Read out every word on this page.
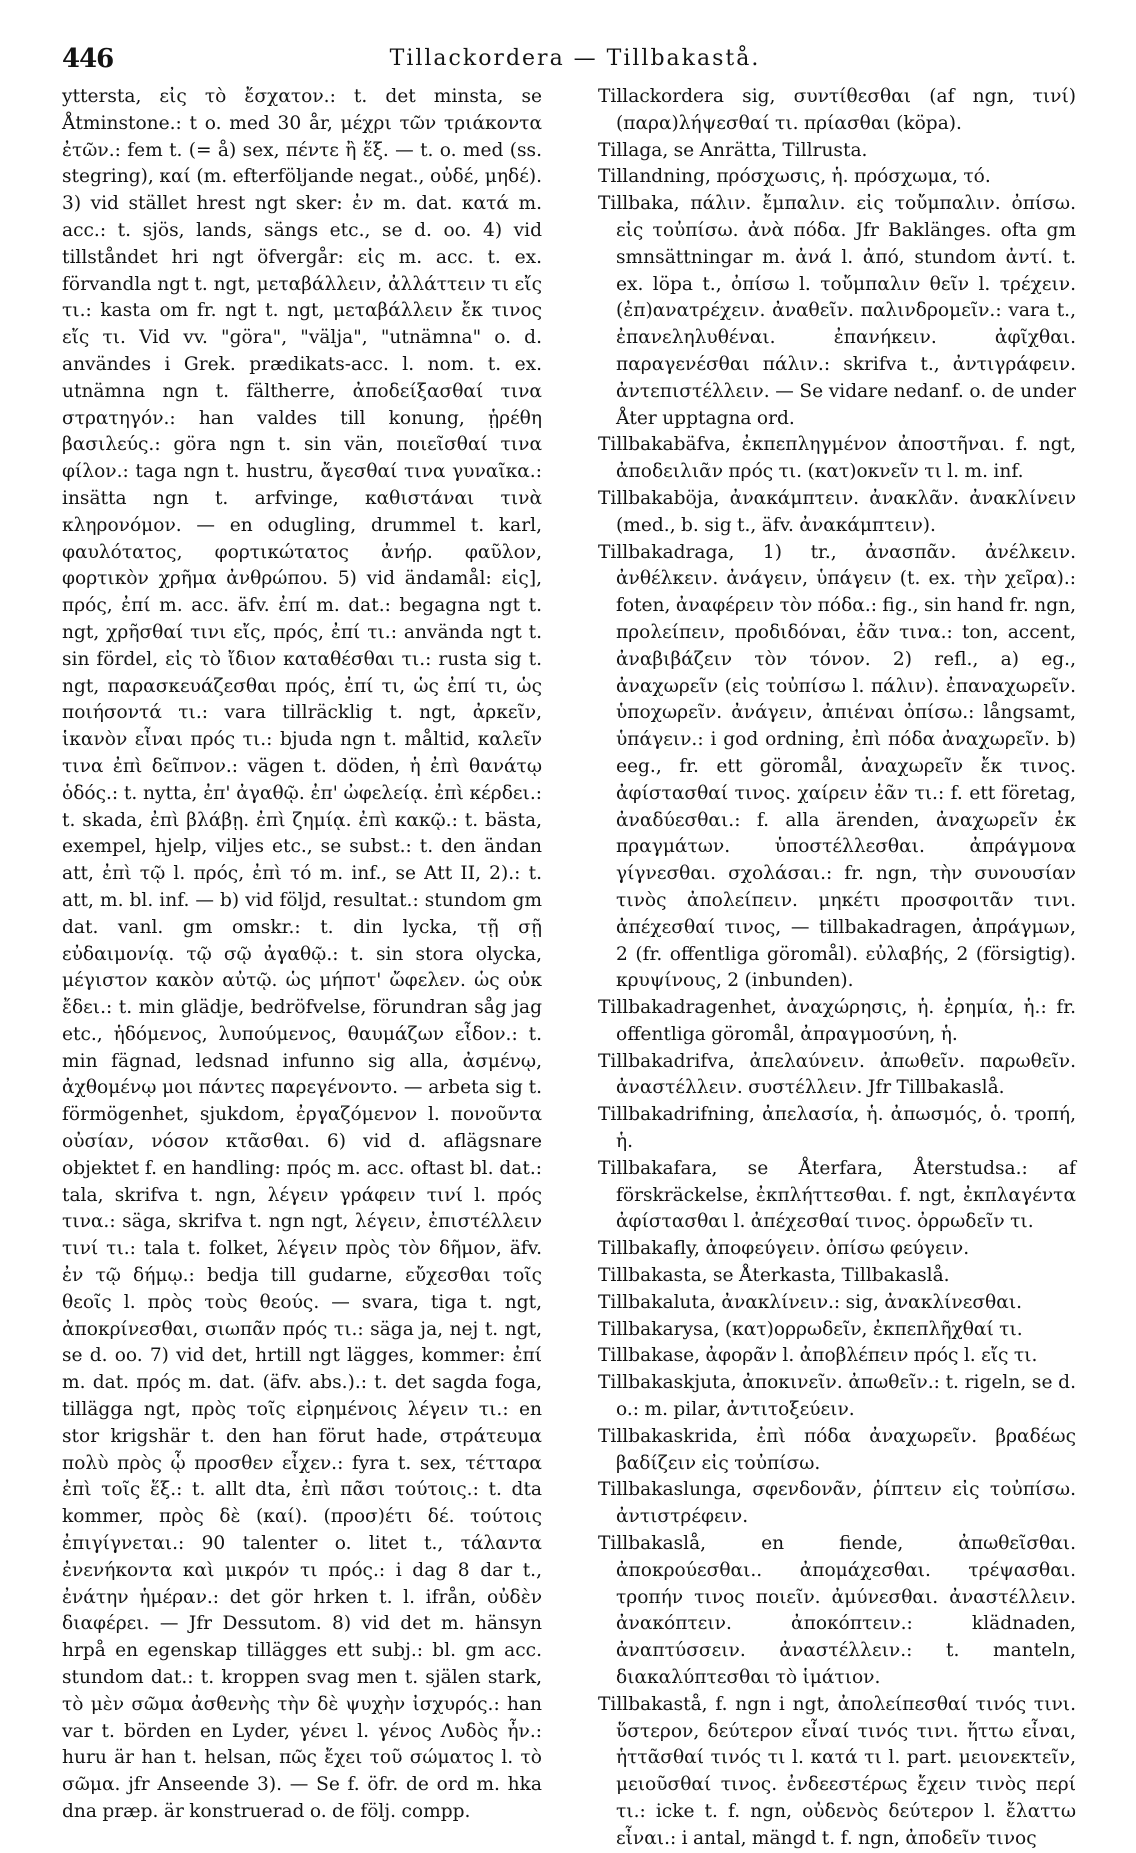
446	Tillackordera — Tillbakastå.

yttersta, εἰς τὸ ἔσχατον.: t. det minsta, se Åtminstone.: t o. med 30 år, μέχρι τῶν τριάκοντα ἐτῶν.: fem t. (= å) sex, πέντε ἢ ἕξ. — t. o. med (ss. stegring), καί (m. efterföljande negat., οὐδέ, μηδέ). 3) vid stället hrest ngt sker: ἐν m. dat. κατά m. acc.: t. sjös, lands, sängs etc., se d. oo. 4) vid tillståndet hri ngt öfvergår: εἰς m. acc. t. ex. förvandla ngt t. ngt, μεταβάλλειν, ἀλλάττειν τι εἴς τι.: kasta om fr. ngt t. ngt, μεταβάλλειν ἔκ τινος εἴς τι. Vid vv. "göra", "välja", "utnämna" o. d. användes i Grek. prædikats-acc. l. nom. t. ex. utnämna ngn t. fältherre, ἀποδείξασθαί τινα στρατηγόν.: han valdes till konung, ᾑρέθη βασιλεύς.: göra ngn t. sin vän, ποιεῖσθαί τινα φίλον.: taga ngn t. hustru, ἄγεσθαί τινα γυναῖκα.: insätta ngn t. arfvinge, καθιστάναι τινὰ κληρονόμον. — en odugling, drummel t. karl, φαυλότατος, φορτικώτατος ἀνήρ. φαῦλον, φορτικὸν χρῆμα ἀνθρώπου. 5) vid ändamål: εἰς], πρός, ἐπί m. acc. äfv. ἐπί m. dat.: begagna ngt t. ngt, χρῆσθαί τινι εἴς, πρός, ἐπί τι.: använda ngt t. sin fördel, εἰς τὸ ἴδιον καταθέσθαι τι.: rusta sig t. ngt, παρασκευάζεσθαι πρός, ἐπί τι, ὡς ἐπί τι, ὡς ποιήσοντά τι.: vara tillräcklig t. ngt, ἀρκεῖν, ἱκανὸν εἶναι πρός τι.: bjuda ngn t. måltid, καλεῖν τινα ἐπὶ δεῖπνον.: vägen t. döden, ἡ ἐπὶ θανάτῳ ὁδός.: t. nytta, ἐπ' ἀγαθῷ. ἐπ' ὠφελείᾳ. ἐπὶ κέρδει.: t. skada, ἐπὶ βλάβῃ. ἐπὶ ζημίᾳ. ἐπὶ κακῷ.: t. bästa, exempel, hjelp, viljes etc., se subst.: t. den ändan att, ἐπὶ τῷ l. πρός, ἐπὶ τό m. inf., se Att II, 2).: t. att, m. bl. inf. — b) vid följd, resultat.: stundom gm dat. vanl. gm omskr.: t. din lycka, τῇ σῇ εὐδαιμονίᾳ. τῷ σῷ ἀγαθῷ.: t. sin stora olycka, μέγιστον κακὸν αὐτῷ. ὡς μήποτ' ὤφελεν. ὡς οὐκ ἔδει.: t. min glädje, bedröfvelse, förundran såg jag etc., ἡδόμενος, λυπούμενος, θαυμάζων εἶδον.: t. min fägnad, ledsnad infunno sig alla, ἀσμένῳ, ἀχθομένῳ μοι πάντες παρεγένοντο. — arbeta sig t. förmögenhet, sjukdom, ἐργαζόμενον l. πονοῦντα οὐσίαν, νόσον κτᾶσθαι. 6) vid d. aflägsnare objektet f. en handling: πρός m. acc. oftast bl. dat.: tala, skrifva t. ngn, λέγειν γράφειν τινί l. πρός τινα.: säga, skrifva t. ngn ngt, λέγειν, ἐπιστέλλειν τινί τι.: tala t. folket, λέγειν πρὸς τὸν δῆμον, äfv. ἐν τῷ δήμῳ.: bedja till gudarne, εὔχεσθαι τοῖς θεοῖς l. πρὸς τοὺς θεούς. — svara, tiga t. ngt, ἀποκρίνεσθαι, σιωπᾶν πρός τι.: säga ja, nej t. ngt, se d. oo. 7) vid det, hrtill ngt lägges, kommer: ἐπί m. dat. πρός m. dat. (äfv. abs.).: t. det sagda foga, tillägga ngt, πρὸς τοῖς εἰρημένοις λέγειν τι.: en stor krigshär t. den han förut hade, στράτευμα πολὺ πρὸς ᾧ προσθεν εἶχεν.: fyra t. sex, τέτταρα ἐπὶ τοῖς ἕξ.: t. allt dta, ἐπὶ πᾶσι τούτοις.: t. dta kommer, πρὸς δὲ (καί). (προσ)έτι δέ. τούτοις ἐπιγίγνεται.: 90 talenter o. litet t., τάλαντα ἐνενήκοντα καὶ μικρόν τι πρός.: i dag 8 dar t., ἐνάτην ἡμέραν.: det gör hrken t. l. ifrån, οὐδὲν διαφέρει. — Jfr Dessutom. 8) vid det m. hänsyn hrpå en egenskap tillägges ett subj.: bl. gm acc. stundom dat.: t. kroppen svag men t. själen stark, τὸ μὲν σῶμα ἀσθενὴς τὴν δὲ ψυχὴν ἰσχυρός.: han var t. börden en Lyder, γένει l. γένος Λυδὸς ἦν.: huru är han t. helsan, πῶς ἔχει τοῦ σώματος l. τὸ σῶμα. jfr Anseende 3). — Se f. öfr. de ord m. hka dna præp. är konstruerad o. de följ. compp.

Tillackordera sig, συντίθεσθαι (af ngn, τινί) (παρα)λήψεσθαί τι. πρίασθαι (köpa).

Tillaga, se Anrätta, Tillrusta.

Tillandning, πρόσχωσις, ἡ. πρόσχωμα, τό.

Tillbaka, πάλιν. ἔμπαλιν. εἰς τοὔμπαλιν. ὀπίσω. εἰς τοὐπίσω. ἀνὰ πόδα. Jfr Baklänges. ofta gm smnsättningar m. ἀνά l. ἀπό, stundom ἀντί. t. ex. löpa t., ὀπίσω l. τοὔμπαλιν θεῖν l. τρέχειν. (ἐπ)ανατρέχειν. ἀναθεῖν. παλινδρομεῖν.: vara t., ἐπανεληλυθέναι. ἐπανήκειν. ἀφῖχθαι. παραγενέσθαι πάλιν.: skrifva t., ἀντιγράφειν. ἀντεπιστέλλειν. — Se vidare nedanf. o. de under Åter upptagna ord.

Tillbakabäfva, ἐκπεπληγμένον ἀποστῆναι. f. ngt, ἀποδειλιᾶν πρός τι. (κατ)οκνεῖν τι l. m. inf.

Tillbakaböja, ἀνακάμπτειν. ἀνακλᾶν. ἀνακλίνειν (med., b. sig t., äfv. ἀνακάμπτειν).

Tillbakadraga, 1) tr., ἀνασπᾶν. ἀνέλκειν. ἀνθέλκειν. ἀνάγειν, ὑπάγειν (t. ex. τὴν χεῖρα).: foten, ἀναφέρειν τὸν πόδα.: fig., sin hand fr. ngn, προλείπειν, προδιδόναι, ἐᾶν τινα.: ton, accent, ἀναβιβάζειν τὸν τόνον. 2) refl., a) eg., ἀναχωρεῖν (εἰς τοὐπίσω l. πάλιν). ἐπαναχωρεῖν. ὑποχωρεῖν. ἀνάγειν, ἀπιέναι ὀπίσω.: långsamt, ὑπάγειν.: i god ordning, ἐπὶ πόδα ἀναχωρεῖν. b) eeg., fr. ett göromål, ἀναχωρεῖν ἔκ τινος. ἀφίστασθαί τινος. χαίρειν ἐᾶν τι.: f. ett företag, ἀναδύεσθαι.: f. alla ärenden, ἀναχωρεῖν ἐκ πραγμάτων. ὑποστέλλεσθαι. ἀπράγμονα γίγνεσθαι. σχολάσαι.: fr. ngn, τὴν συνουσίαν τινὸς ἀπολείπειν. μηκέτι προσφοιτᾶν τινι. ἀπέχεσθαί τινος, — tillbakadragen, ἀπράγμων, 2 (fr. offentliga göromål). εὐλαβής, 2 (försigtig). κρυψίνους, 2 (inbunden).

Tillbakadragenhet, ἀναχώρησις, ἡ. ἐρημία, ἡ.: fr. offentliga göromål, ἀπραγμοσύνη, ἡ.

Tillbakadrifva, ἀπελαύνειν. ἀπωθεῖν. παρωθεῖν. ἀναστέλλειν. συστέλλειν. Jfr Tillbakaslå.

Tillbakadrifning, ἀπελασία, ἡ. ἀπωσμός, ὁ. τροπή, ἡ.

Tillbakafara, se Återfara, Återstudsa.: af förskräckelse, ἐκπλήττεσθαι. f. ngt, ἐκπλαγέντα ἀφίστασθαι l. ἀπέχεσθαί τινος. ὀρρωδεῖν τι.

Tillbakafly, ἀποφεύγειν. ὀπίσω φεύγειν.

Tillbakasta, se Återkasta, Tillbakaslå.

Tillbakaluta, ἀνακλίνειν.: sig, ἀνακλίνεσθαι.

Tillbakarysa, (κατ)ορρωδεῖν, ἐκπεπλῆχθαί τι.

Tillbakase, ἀφορᾶν l. ἀποβλέπειν πρός l. εἴς τι.

Tillbakaskjuta, ἀποκινεῖν. ἀπωθεῖν.: t. rigeln, se d. o.: m. pilar, ἀντιτοξεύειν.

Tillbakaskrida, ἐπὶ πόδα ἀναχωρεῖν. βραδέως βαδίζειν εἰς τοὐπίσω.

Tillbakaslunga, σφενδονᾶν, ῥίπτειν εἰς τοὐπίσω. ἀντιστρέφειν.

Tillbakaslå, en fiende, ἀπωθεῖσθαι. ἀποκρούεσθαι.. ἀπομάχεσθαι. τρέψασθαι. τροπήν τινος ποιεῖν. ἀμύνεσθαι. ἀναστέλλειν. ἀνακόπτειν. ἀποκόπτειν.: klädnaden, ἀναπτύσσειν. ἀναστέλλειν.: t. manteln, διακαλύπτεσθαι τὸ ἱμάτιον.

Tillbakastå, f. ngn i ngt, ἀπολείπεσθαί τινός τινι. ὕστερον, δεύτερον εἶναί τινός τινι. ἥττω εἶναι, ἡττᾶσθαί τινός τι l. κατά τι l. part. μειονεκτεῖν, μειοῦσθαί τινος. ἐνδεεστέρως ἔχειν τινὸς περί τι.: icke t. f. ngn, οὐδενὸς δεύτερον l. ἔλαττω εἶναι.: i antal, mängd t. f. ngn, ἀποδεῖν τινος
